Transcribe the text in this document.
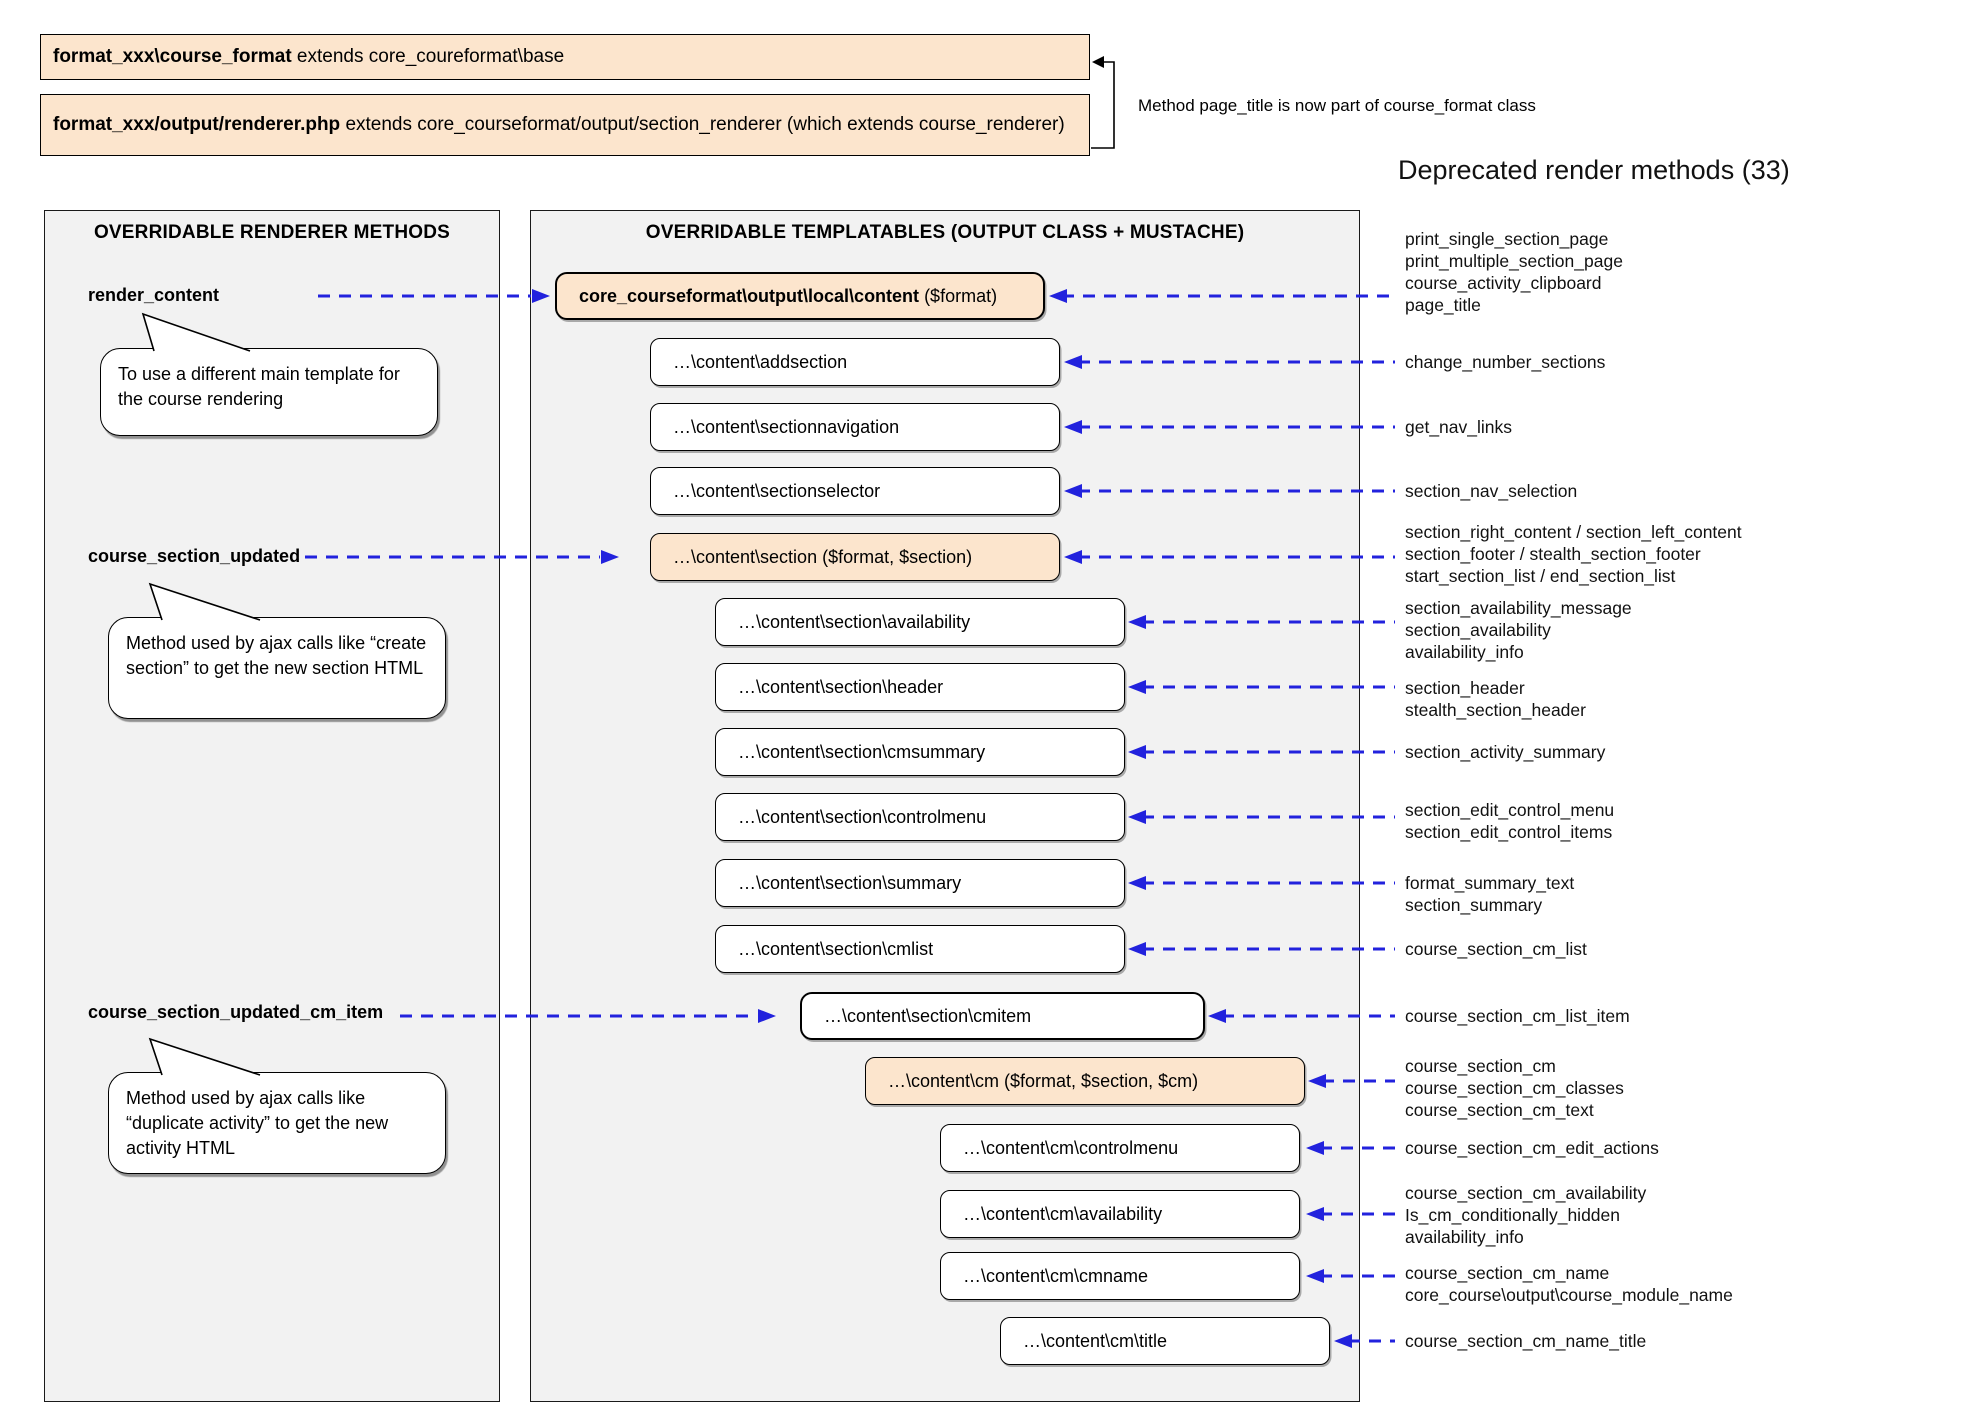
format_xxx\course_format extends core_coureformat\base
format_xxx/output/renderer.php extends core_courseformat/output/section_renderer (which extends course_renderer)
Method page_title is now part of course_format class
Deprecated render methods (33)
OVERRIDABLE RENDERER METHODS	OVERRIDABLE TEMPLATABLES (OUTPUT CLASS + MUSTACHE)
render_content
course_section_updated
course_section_updated_cm_item
To use a different main template for the course rendering
Method used by ajax calls like “create section” to get the new section HTML
Method used by ajax calls like “duplicate activity” to get the new activity HTML
core_courseformat\output\local\content ($format)
…\content\addsection
…\content\sectionnavigation
…\content\sectionselector
…\content\section ($format, $section)
…\content\section\availability
…\content\section\header
…\content\section\cmsummary
…\content\section\controlmenu
…\content\section\summary
…\content\section\cmlist
…\content\section\cmitem
…\content\cm ($format, $section, $cm)
…\content\cm\controlmenu
…\content\cm\availability
…\content\cm\cmname
…\content\cm\title
print_single_section_page
print_multiple_section_page
course_activity_clipboard
page_title
change_number_sections
get_nav_links
section_nav_selection
section_right_content / section_left_content
section_footer / stealth_section_footer
start_section_list / end_section_list
section_availability_message
section_availability
availability_info
section_header
stealth_section_header
section_activity_summary
section_edit_control_menu
section_edit_control_items
format_summary_text
section_summary
course_section_cm_list
course_section_cm_list_item
course_section_cm
course_section_cm_classes
course_section_cm_text
course_section_cm_edit_actions
course_section_cm_availability
Is_cm_conditionally_hidden
availability_info
course_section_cm_name
core_course\output\course_module_name
course_section_cm_name_title
